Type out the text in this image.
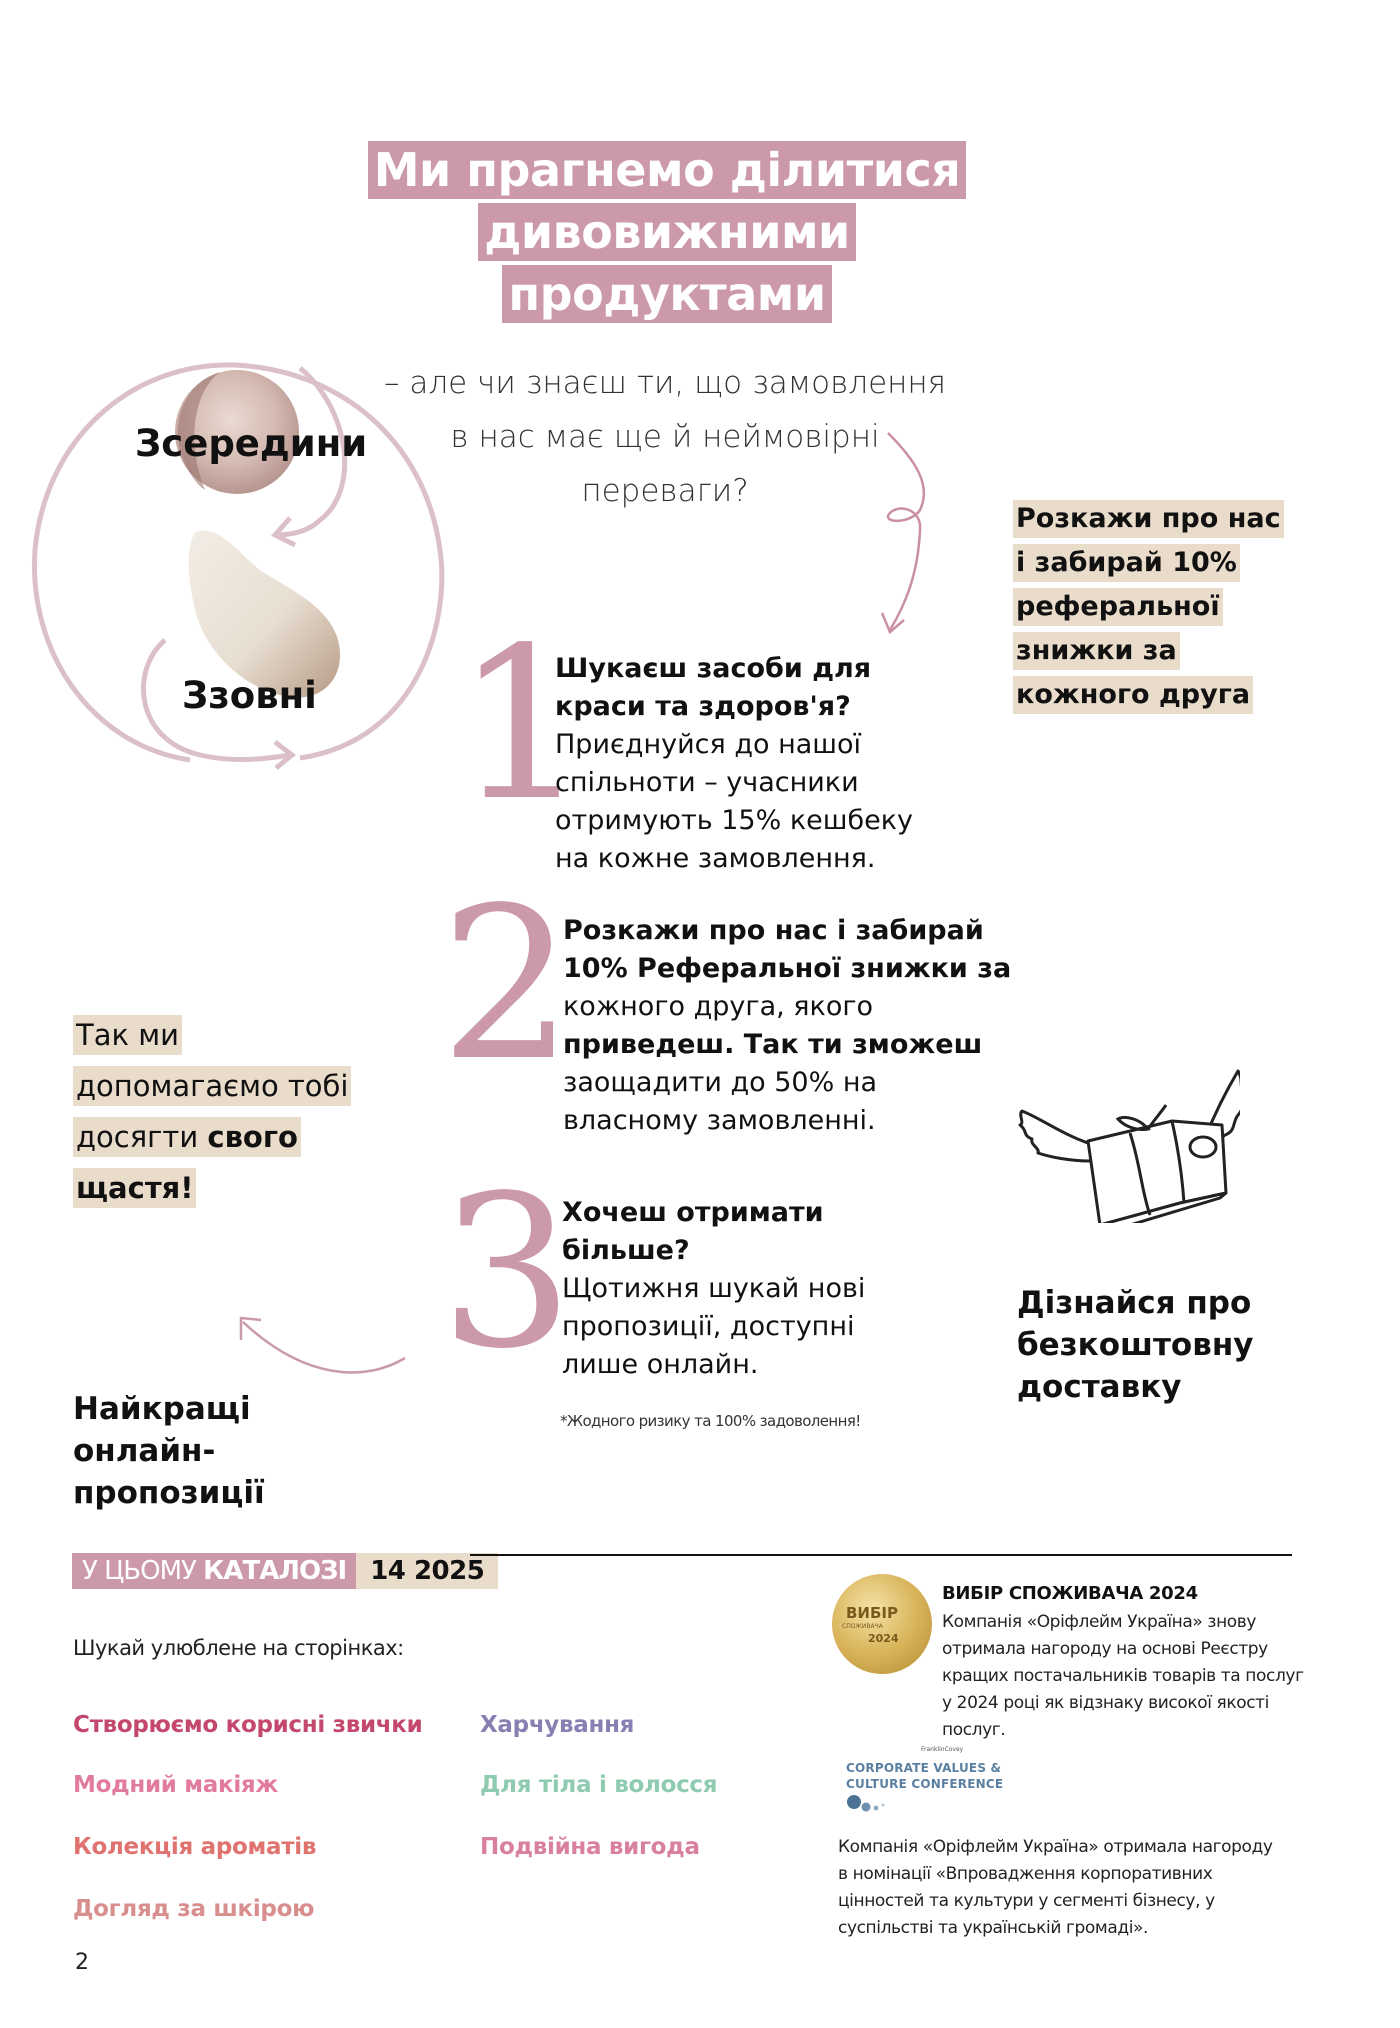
Ми прагнемо ділитися
дивовижними
продуктами
– але чи знаєш ти, що замовлення
в нас має ще й неймовірні
переваги?
Зсередини
Ззовні
Розкажи про нас
і забирай 10%
реферальної
знижки за
кожного друга
1
Шукаєш засоби для
краси та здоров'я?
Приєднуйся до нашої
спільноти – учасники
отримують 15% кешбеку
на кожне замовлення.
2
Розкажи про нас і забирай
10% Реферальної знижки за
кожного друга, якого
приведеш. Так ти зможеш
заощадити до 50% на
власному замовленні.
3
Хочеш отримати
більше?
Щотижня шукай нові
пропозиції, доступні
лише онлайн.
*Жодного ризику та 100% задоволення!
Так ми
допомагаємо тобі
досягти свого
щастя!
Найкращі
онлайн-
пропозиції
Дізнайся про
безкоштовну
доставку
У ЦЬОМУ КАТАЛОЗІ 14 2025
Шукай улюблене на сторінках:
Створюємо корисні звички
Модний макіяж
Колекція ароматів
Догляд за шкірою
Харчування
Для тіла і волосся
Подвійна вигода
ВИБІР
СПОЖИВАЧА
2024
ВИБІР СПОЖИВАЧА 2024
Компанія «Оріфлейм Україна» знову
отримала нагороду на основі Реєстру
кращих постачальників товарів та послуг
у 2024 році як відзнаку високої якості
послуг.
FranklinCovey
CORPORATE VALUES &
CULTURE CONFERENCE
Компанія «Оріфлейм Україна» отримала нагороду
в номінації «Впровадження корпоративних
цінностей та культури у сегменті бізнесу, у
суспільстві та українській громаді».
2
